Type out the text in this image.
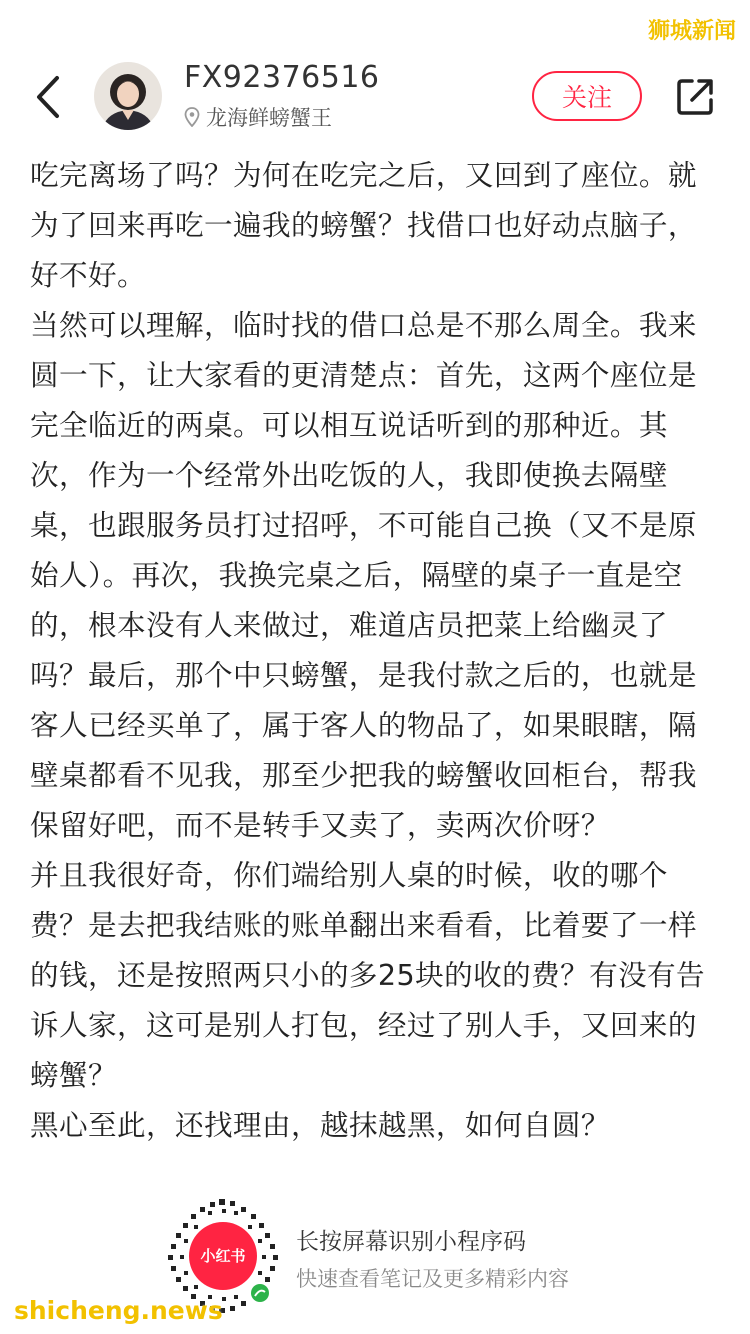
FX92376516
龙海鲜螃蟹王
关注
狮城新闻

吃完离场了吗？为何在吃完之后，又回到了座位。就为了回来再吃一遍我的螃蟹？找借口也好动点脑子，好不好。

当然可以理解，临时找的借口总是不那么周全。我来圆一下，让大家看的更清楚点：首先，这两个座位是完全临近的两桌。可以相互说话听到的那种近。其次，作为一个经常外出吃饭的人，我即使换去隔壁桌，也跟服务员打过招呼，不可能自己换（又不是原始人）。再次，我换完桌之后，隔壁的桌子一直是空的，根本没有人来做过，难道店员把菜上给幽灵了吗？最后，那个中只螃蟹，是我付款之后的，也就是客人已经买单了，属于客人的物品了，如果眼瞎，隔壁桌都看不见我，那至少把我的螃蟹收回柜台，帮我保留好吧，而不是转手又卖了，卖两次价呀？

并且我很好奇，你们端给别人桌的时候，收的哪个费？是去把我结账的账单翻出来看看，比着要了一样的钱，还是按照两只小的多25块的收的费？有没有告诉人家，这可是别人打包，经过了别人手，又回来的螃蟹？

黑心至此，还找理由，越抹越黑，如何自圆？

小红书
长按屏幕识别小程序码
快速查看笔记及更多精彩内容
shicheng.news
